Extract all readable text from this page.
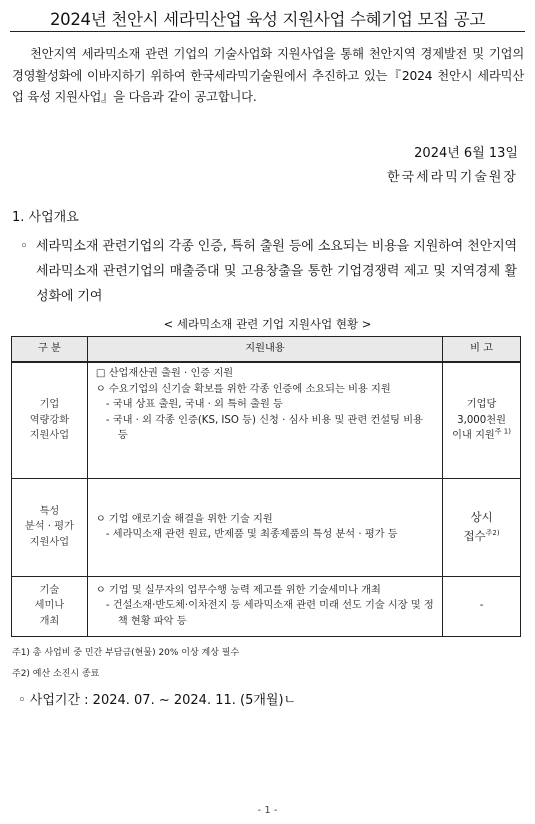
2024년 천안시 세라믹산업 육성 지원사업 수혜기업 모집 공고
천안지역 세라믹소재 관련 기업의 기술사업화 지원사업을 통해 천안지역 경제발전 및 기업의 경영활성화에 이바지하기 위하여 한국세라믹기술원에서 추진하고 있는『2024 천안시 세라믹산업 육성 지원사업』을 다음과 같이 공고합니다.
2024년 6월 13일
한국세라믹기술원장
1. 사업개요
◦ 세라믹소재 관련기업의 각종 인증, 특허 출원 등에 소요되는 비용을 지원하여 천안지역 세라믹소재 관련기업의 매출증대 및 고용창출을 통한 기업경쟁력 제고 및 지역경제 활성화에 기여
< 세라믹소재 관련 기업 지원사업 현황 >
구 분	지원내용	비 고

기업
역량강화
지원사업	□ 산업재산권 출원 · 인증 지원
ㅇ 수요기업의 신기술 확보를 위한 각종 인증에 소요되는 비용 지원
- 국내 상표 출원, 국내 · 외 특허 출원 등
- 국내 · 외 각종 인증(KS, ISO 등) 신청 · 심사 비용 및 관련 컨설팅 비용 등	기업당
3,000천원
이내 지원$^{주 1)}$

특성
분석 · 평가
지원사업	ㅇ 기업 애로기술 해결을 위한 기술 지원
- 세라믹소재 관련 원료, 반제품 및 최종제품의 특성 분석 · 평가 등	상시
접수$^{주2)}$

기술
세미나
개최	ㅇ 기업 및 실무자의 업무수행 능력 제고를 위한 기술세미나 개최
- 건설소재·반도체·이차전지 등 세라믹소재 관련 미래 선도 기술 시장 및 정책 현황 파악 등	-
주1) 총 사업비 중 민간 부담금(현물) 20% 이상 계상 필수
주2) 예산 소진시 종료
◦ 사업기간 : 2024. 07. ~ 2024. 11. (5개월)ㄴ
- 1 -
